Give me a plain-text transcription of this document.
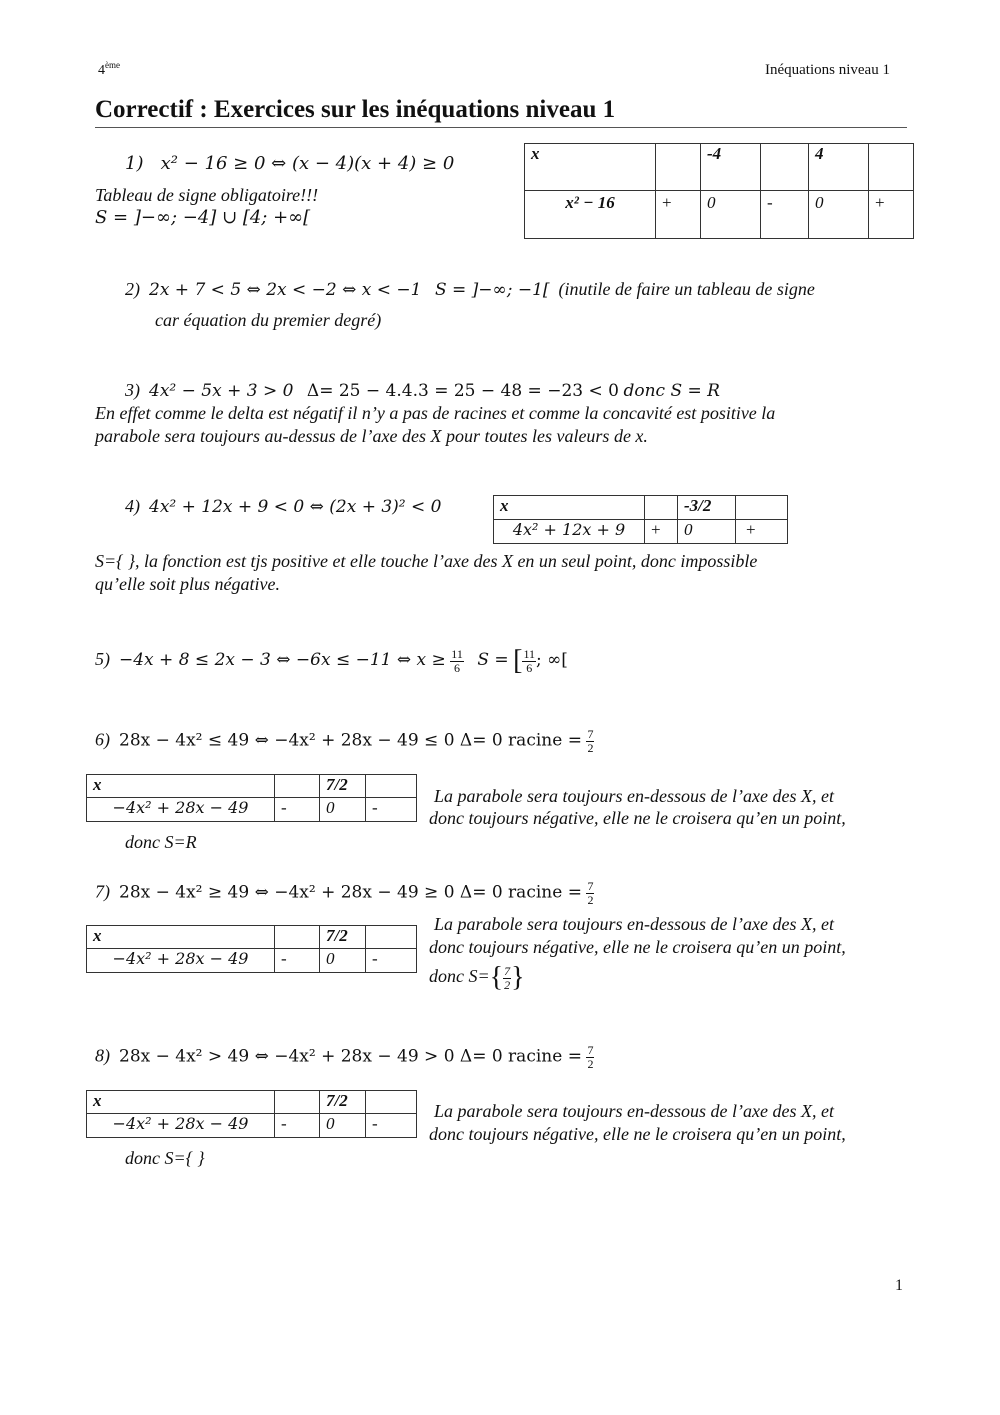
4ème	Inéquations niveau 1
Correctif : Exercices sur les inéquations niveau 1
1) x² − 16 ≥ 0 ⇔ (x − 4)(x + 4) ≥ 0
Tableau de signe obligatoire!!!
S = ]−∞; −4] ∪ [4; +∞[
x		-4		4	
x² − 16	+	0	-	0	+
2) 2x + 7 < 5 ⇔ 2x < −2 ⇔ x < −1 S = ]−∞; −1[ (inutile de faire un tableau de signe
car équation du premier degré)
3) 4x² − 5x + 3 > 0 Δ= 25 − 4.4.3 = 25 − 48 = −23 < 0 donc S = R
En effet comme le delta est négatif il n’y a pas de racines et comme la concavité est positive la
parabole sera toujours au-dessus de l’axe des X pour toutes les valeurs de x.
4) 4x² + 12x + 9 < 0 ⇔ (2x + 3)² < 0	x		-3/2	
4x² + 12x + 9	+	0	+
S={ }, la fonction est tjs positive et elle touche l’axe des X en un seul point, donc impossible
qu’elle soit plus négative.
5) −4x + 8 ≤ 2x − 3 ⇔ −6x ≤ −11 ⇔ $x \ge \frac{11}{6}$ S = [ $\frac{11}{6}$ ; ∞[
6) 28x − 4x² ≤ 49 ⇔ −4x² + 28x − 49 ≤ 0 Δ= 0 racine = $\frac{7}{2}$
x		7/2	
−4x² + 28x − 49	-	0	-
La parabole sera toujours en-dessous de l’axe des X, et
donc toujours négative, elle ne le croisera qu’en un point,
donc S=R
7) 28x − 4x² ≥ 49 ⇔ −4x² + 28x − 49 ≥ 0 Δ= 0 racine = $\frac{7}{2}$
x		7/2	
−4x² + 28x − 49	-	0	-
La parabole sera toujours en-dessous de l’axe des X, et
donc toujours négative, elle ne le croisera qu’en un point,
donc $S=\{ \frac{7}{2}$ }
8) 28x − 4x² > 49 ⇔ −4x² + 28x − 49 > 0 Δ= 0 racine = $\frac{7}{2}$
x		7/2	
−4x² + 28x − 49	-	0	-
La parabole sera toujours en-dessous de l’axe des X, et
donc toujours négative, elle ne le croisera qu’en un point,
donc S={ }
1
